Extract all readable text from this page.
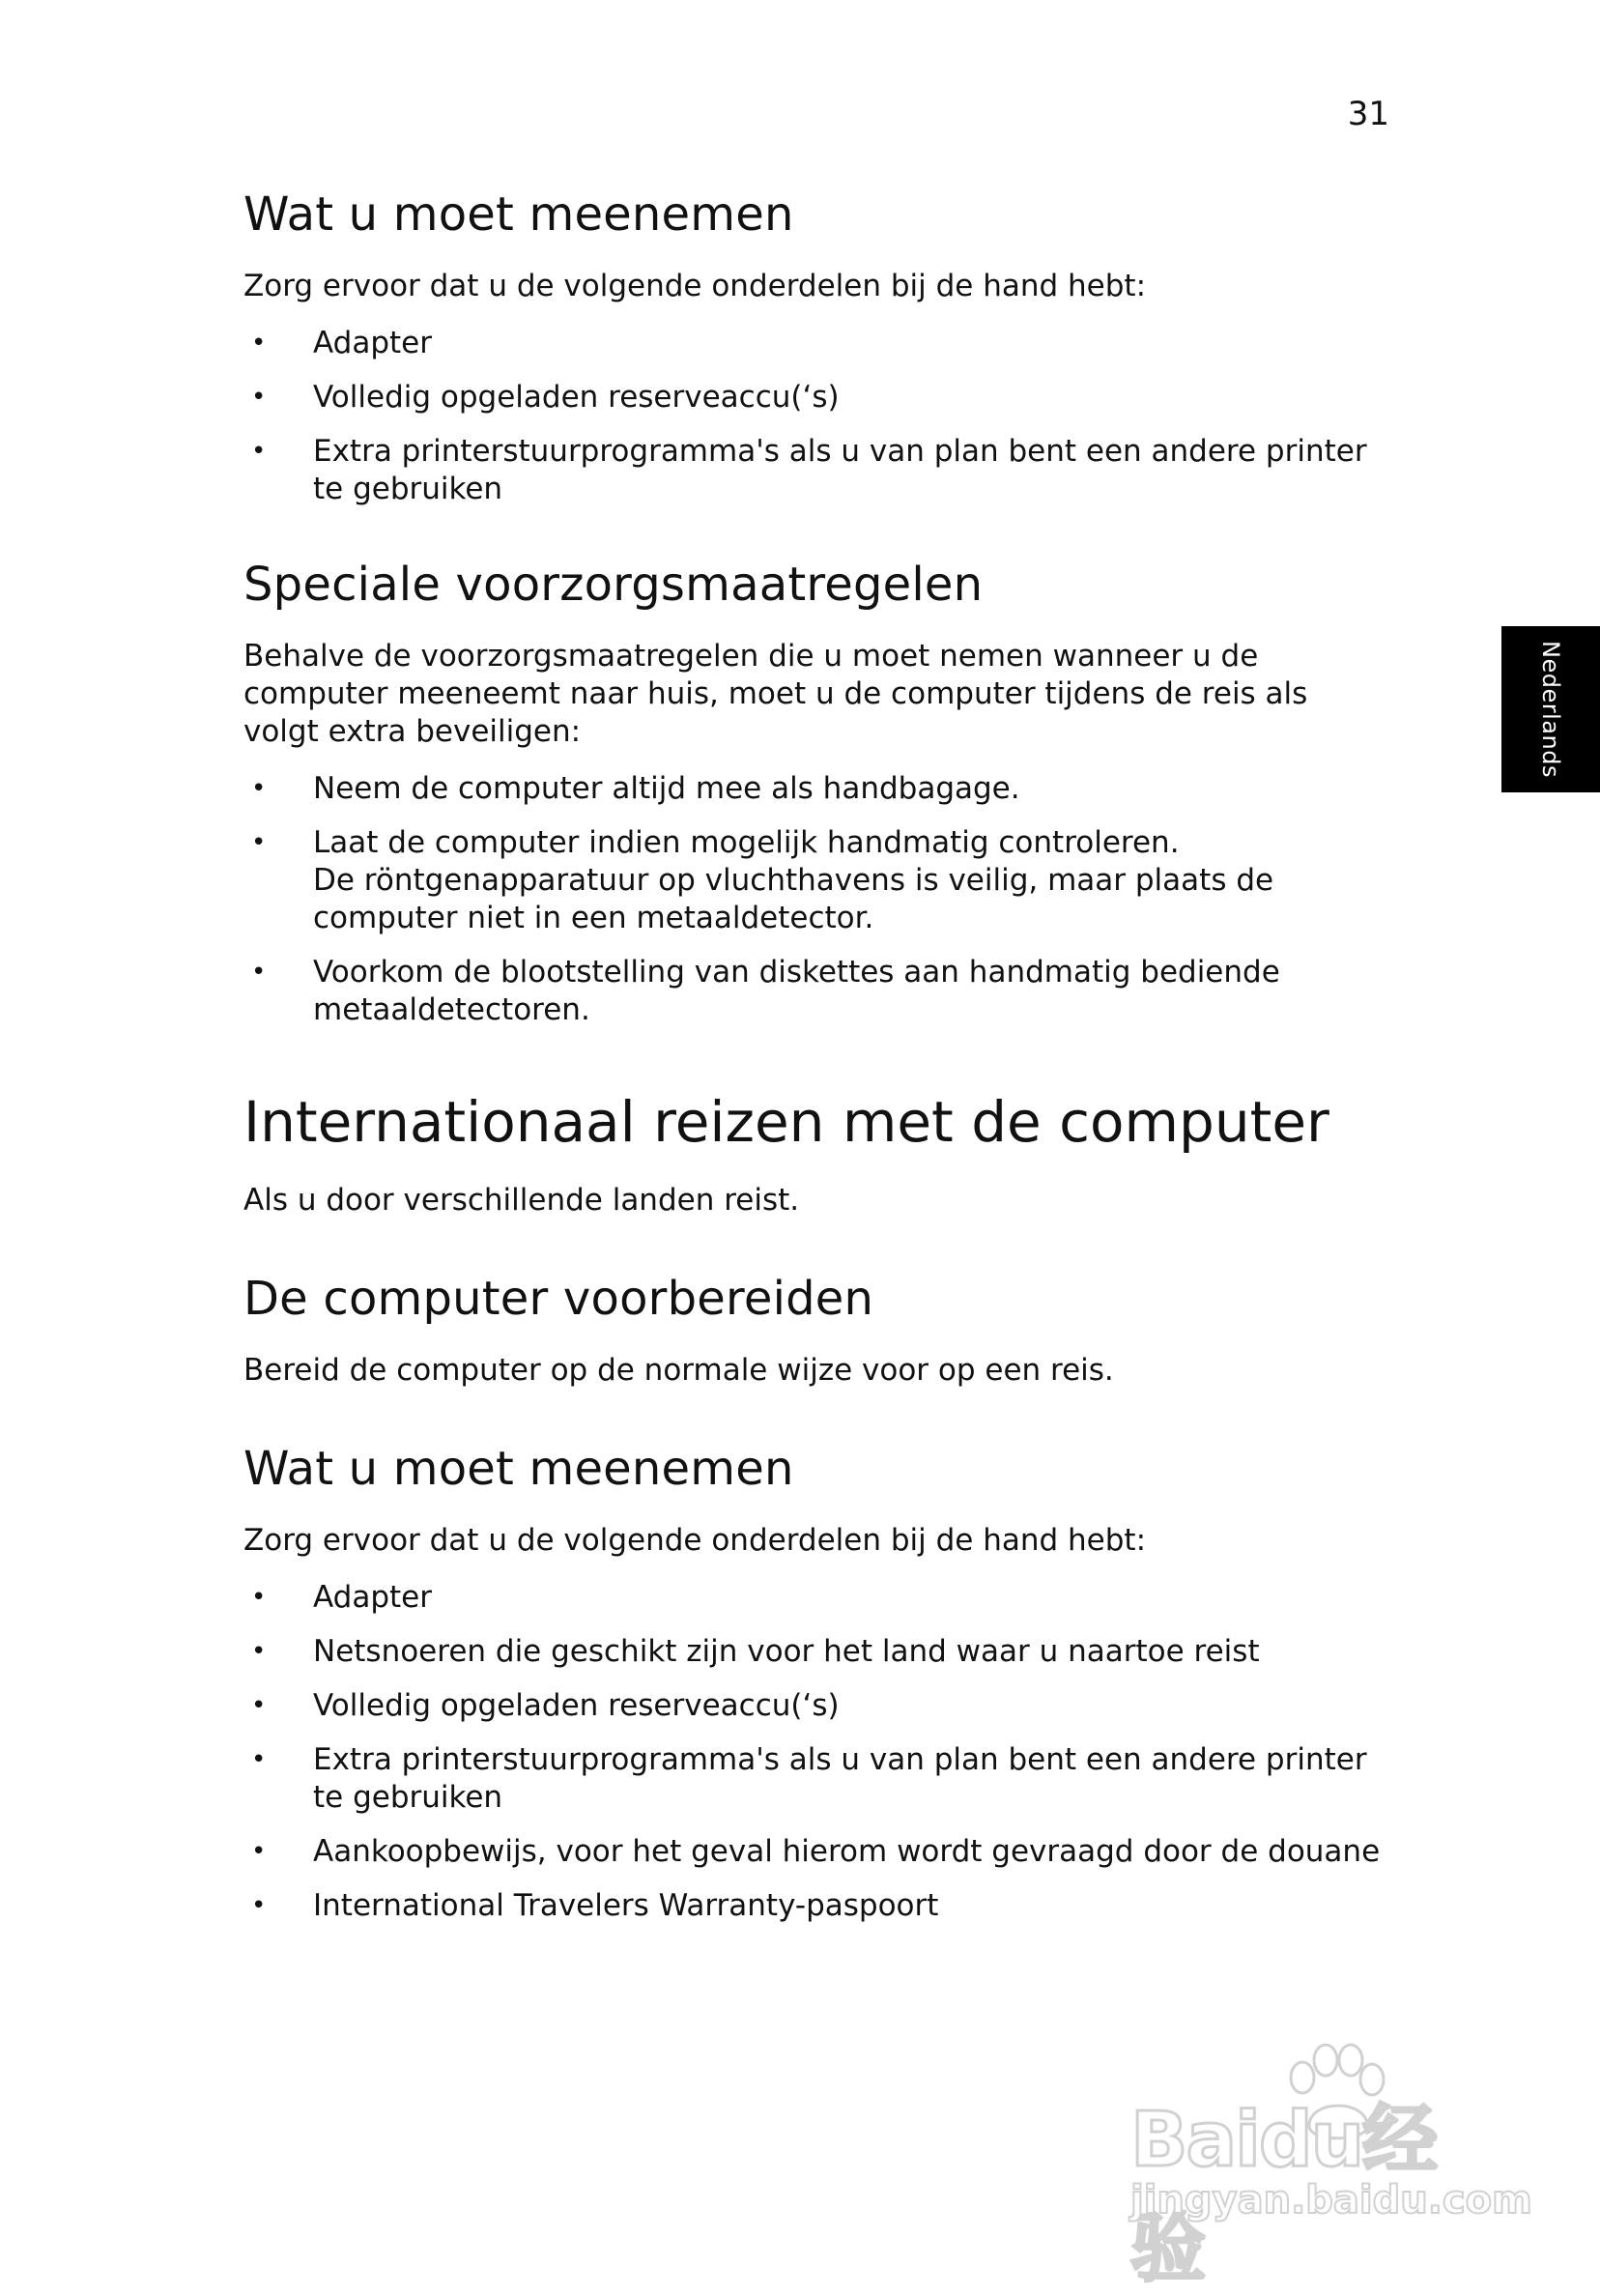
31
Nederlands
Wat u moet meenemen

Zorg ervoor dat u de volgende onderdelen bij de hand hebt:

• Adapter
• Volledig opgeladen reserveaccu(‘s)
• Extra printerstuurprogramma's als u van plan bent een andere printer te gebruiken
Speciale voorzorgsmaatregelen

Behalve de voorzorgsmaatregelen die u moet nemen wanneer u de computer meeneemt naar huis, moet u de computer tijdens de reis als volgt extra beveiligen:

• Neem de computer altijd mee als handbagage.
• Laat de computer indien mogelijk handmatig controleren.
De röntgenapparatuur op vluchthavens is veilig, maar plaats de computer niet in een metaaldetector.
• Voorkom de blootstelling van diskettes aan handmatig bediende metaaldetectoren.
Internationaal reizen met de computer

Als u door verschillende landen reist.

De computer voorbereiden

Bereid de computer op de normale wijze voor op een reis.

Wat u moet meenemen

Zorg ervoor dat u de volgende onderdelen bij de hand hebt:

• Adapter
• Netsnoeren die geschikt zijn voor het land waar u naartoe reist
• Volledig opgeladen reserveaccu(‘s)
• Extra printerstuurprogramma's als u van plan bent een andere printer te gebruiken
• Aankoopbewijs, voor het geval hierom wordt gevraagd door de douane
• International Travelers Warranty-paspoort
Baidu经验
jingyan.baidu.com
